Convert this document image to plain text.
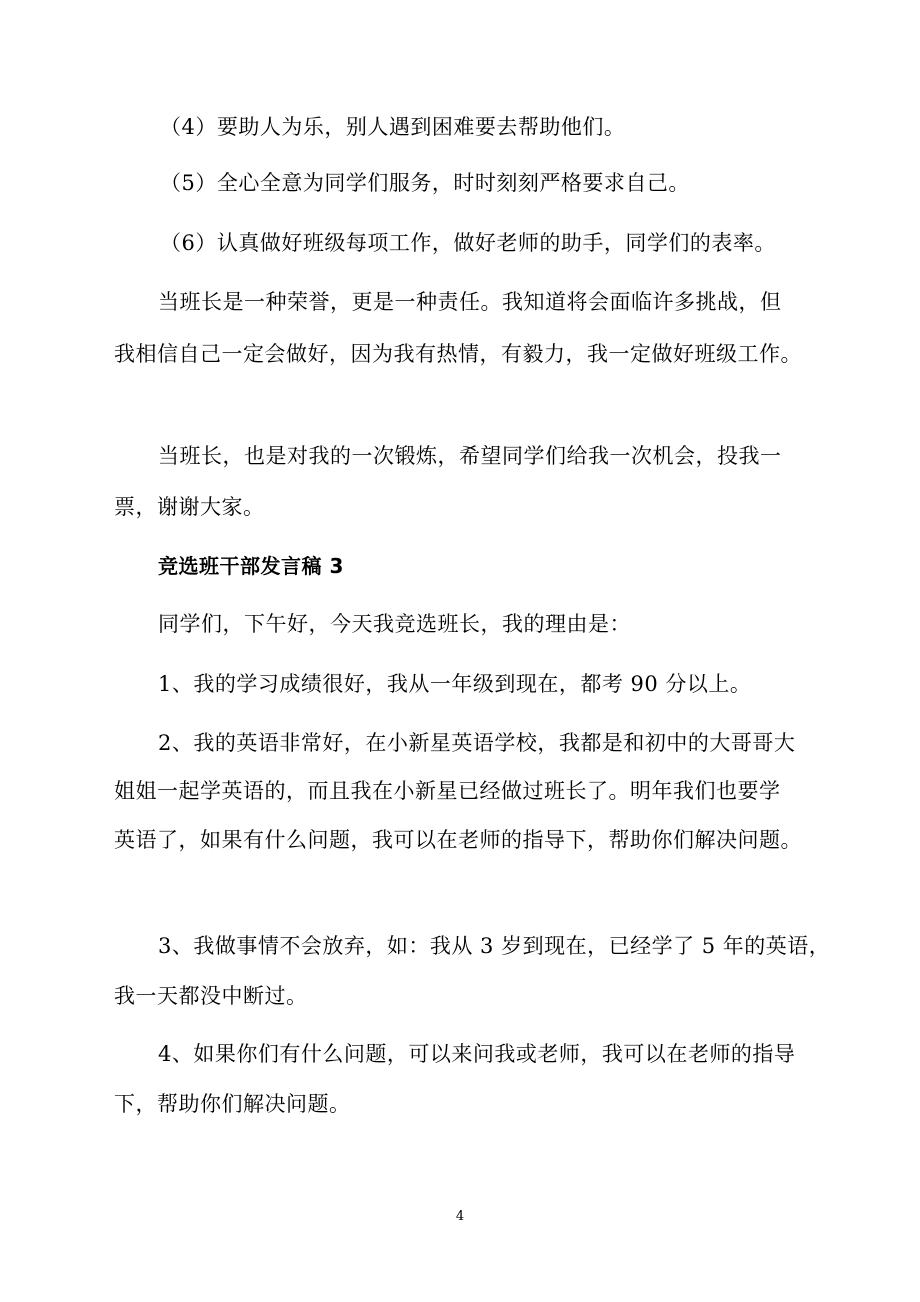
（4）要助人为乐，别人遇到困难要去帮助他们。
（5）全心全意为同学们服务，时时刻刻严格要求自己。
（6）认真做好班级每项工作，做好老师的助手，同学们的表率。
当班长是一种荣誉，更是一种责任。我知道将会面临许多挑战，但
我相信自己一定会做好，因为我有热情，有毅力，我一定做好班级工作。
当班长，也是对我的一次锻炼，希望同学们给我一次机会，投我一
票，谢谢大家。
竞选班干部发言稿 3
同学们，下午好，今天我竞选班长，我的理由是：
1、我的学习成绩很好，我从一年级到现在，都考 90 分以上。
2、我的英语非常好，在小新星英语学校，我都是和初中的大哥哥大
姐姐一起学英语的，而且我在小新星已经做过班长了。明年我们也要学
英语了，如果有什么问题，我可以在老师的指导下，帮助你们解决问题。
3、我做事情不会放弃，如：我从 3 岁到现在，已经学了 5 年的英语，
我一天都没中断过。
4、如果你们有什么问题，可以来问我或老师，我可以在老师的指导
下，帮助你们解决问题。
4
